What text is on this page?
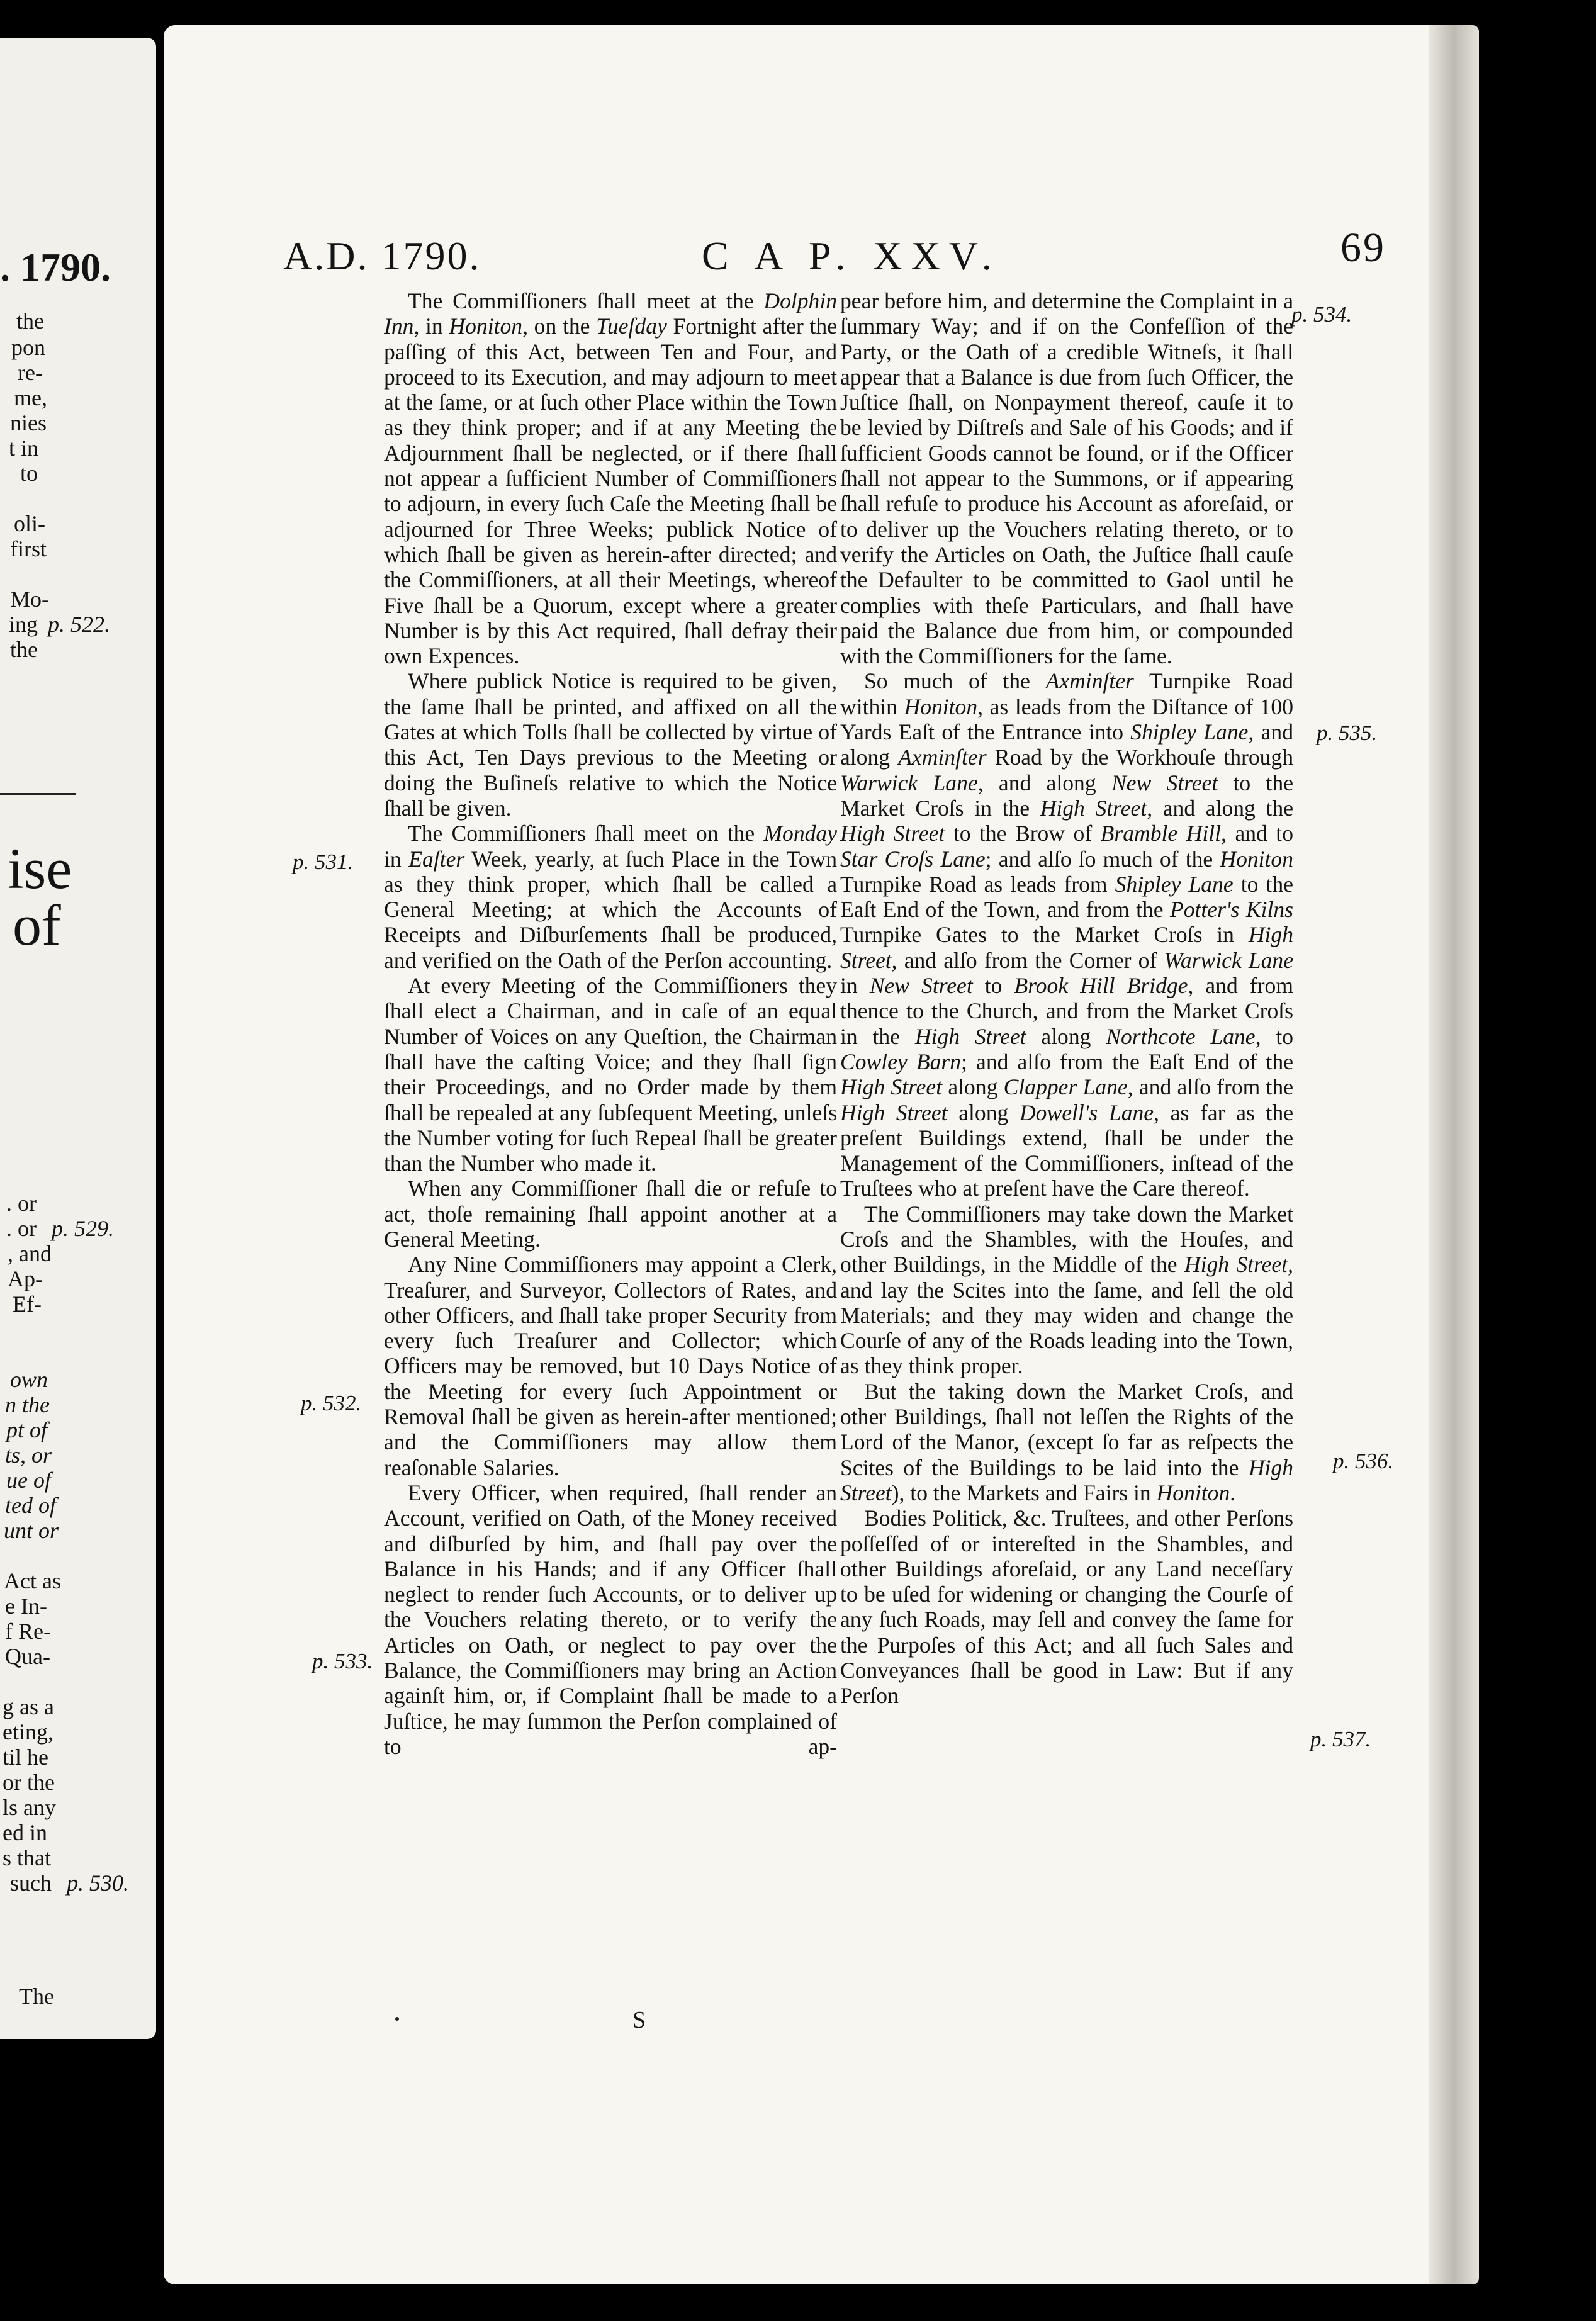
. 1790.
the
pon
re-
me,
nies
t in
to
oli-
first
Mo-
ing p. 522.
the
ise
of
. or
. or p. 529.
, and
Ap-
Ef-
own
n the
pt of
ts, or
ue of
ted of
unt or
Act as
e In-
f Re-
Qua-
g as a
eting,
til he
or the
ls any
ed in
s that
p. 530.
such
The
A.D. 1790.	C A P. XXV.	69

The Commiſſioners ſhall meet at the Dolphin Inn, in Honiton, on the Tueſday Fortnight after the paſſing of this Act, between Ten and Four, and proceed to its Execution, and may adjourn to meet at the ſame, or at ſuch other Place within the Town as they think proper; and if at any Meeting the Adjournment ſhall be neglected, or if there ſhall not appear a ſufficient Number of Commiſſioners to adjourn, in every ſuch Caſe the Meeting ſhall be adjourned for Three Weeks; publick Notice of which ſhall be given as herein-after directed; and the Commiſſioners, at all their Meetings, whereof Five ſhall be a Quorum, except where a greater Number is by this Act required, ſhall defray their own Expences.

Where publick Notice is required to be given, the ſame ſhall be printed, and affixed on all the Gates at which Tolls ſhall be collected by virtue of this Act, Ten Days previous to the Meeting or doing the Buſineſs relative to which the Notice ſhall be given.

The Commiſſioners ſhall meet on the Monday in Eaſter Week, yearly, at ſuch Place in the Town as they think proper, which ſhall be called a General Meeting; at which the Accounts of Receipts and Diſburſements ſhall be produced, and verified on the Oath of the Perſon accounting.

At every Meeting of the Commiſſioners they ſhall elect a Chairman, and in caſe of an equal Number of Voices on any Queſtion, the Chairman ſhall have the caſting Voice; and they ſhall ſign their Proceedings, and no Order made by them ſhall be repealed at any ſubſequent Meeting, unleſs the Number voting for ſuch Repeal ſhall be greater than the Number who made it.

When any Commiſſioner ſhall die or refuſe to act, thoſe remaining ſhall appoint another at a General Meeting.

Any Nine Commiſſioners may appoint a Clerk, Treaſurer, and Surveyor, Collectors of Rates, and other Officers, and ſhall take proper Security from every ſuch Treaſurer and Collector; which Officers may be removed, but 10 Days Notice of the Meeting for every ſuch Appointment or Removal ſhall be given as herein-after mentioned; and the Commiſſioners may allow them reaſonable Salaries.

Every Officer, when required, ſhall render an Account, verified on Oath, of the Money received and diſburſed by him, and ſhall pay over the Balance in his Hands; and if any Officer ſhall neglect to render ſuch Accounts, or to deliver up the Vouchers relating thereto, or to verify the Articles on Oath, or neglect to pay over the Balance, the Commiſſioners may bring an Action againſt him, or, if Complaint ſhall be made to a Juſtice, he may ſummon the Perſon complained of to ap-

pear before him, and determine the Complaint in a ſummary Way; and if on the Confeſſion of the Party, or the Oath of a credible Witneſs, it ſhall appear that a Balance is due from ſuch Officer, the Juſtice ſhall, on Nonpayment thereof, cauſe it to be levied by Diſtreſs and Sale of his Goods; and if ſufficient Goods cannot be found, or if the Officer ſhall not appear to the Summons, or if appearing ſhall refuſe to produce his Account as aforeſaid, or to deliver up the Vouchers relating thereto, or to verify the Articles on Oath, the Juſtice ſhall cauſe the Defaulter to be committed to Gaol until he complies with theſe Particulars, and ſhall have paid the Balance due from him, or compounded with the Commiſſioners for the ſame.

So much of the Axminſter Turnpike Road within Honiton, as leads from the Diſtance of 100 Yards Eaſt of the Entrance into Shipley Lane, and along Axminſter Road by the Workhouſe through Warwick Lane, and along New Street to the Market Croſs in the High Street, and along the High Street to the Brow of Bramble Hill, and to Star Croſs Lane; and alſo ſo much of the Honiton Turnpike Road as leads from Shipley Lane to the Eaſt End of the Town, and from the Potter's Kilns Turnpike Gates to the Market Croſs in High Street, and alſo from the Corner of Warwick Lane in New Street to Brook Hill Bridge, and from thence to the Church, and from the Market Croſs in the High Street along Northcote Lane, to Cowley Barn; and alſo from the Eaſt End of the High Street along Clapper Lane, and alſo from the High Street along Dowell's Lane, as far as the preſent Buildings extend, ſhall be under the Management of the Commiſſioners, inſtead of the Truſtees who at preſent have the Care thereof.

The Commiſſioners may take down the Market Croſs and the Shambles, with the Houſes, and other Buildings, in the Middle of the High Street, and lay the Scites into the ſame, and ſell the old Materials; and they may widen and change the Courſe of any of the Roads leading into the Town, as they think proper.

But the taking down the Market Croſs, and other Buildings, ſhall not leſſen the Rights of the Lord of the Manor, (except ſo far as reſpects the Scites of the Buildings to be laid into the High Street), to the Markets and Fairs in Honiton.

Bodies Politick, &c. Truſtees, and other Perſons poſſeſſed of or intereſted in the Shambles, and other Buildings aforeſaid, or any Land neceſſary to be uſed for widening or changing the Courſe of any ſuch Roads, may ſell and convey the ſame for the Purpoſes of this Act; and all ſuch Sales and Conveyances ſhall be good in Law: But if any Perſon

p. 531.
p. 532.
p. 533.
p. 534.
p. 535.
p. 536.
p. 537.
S
